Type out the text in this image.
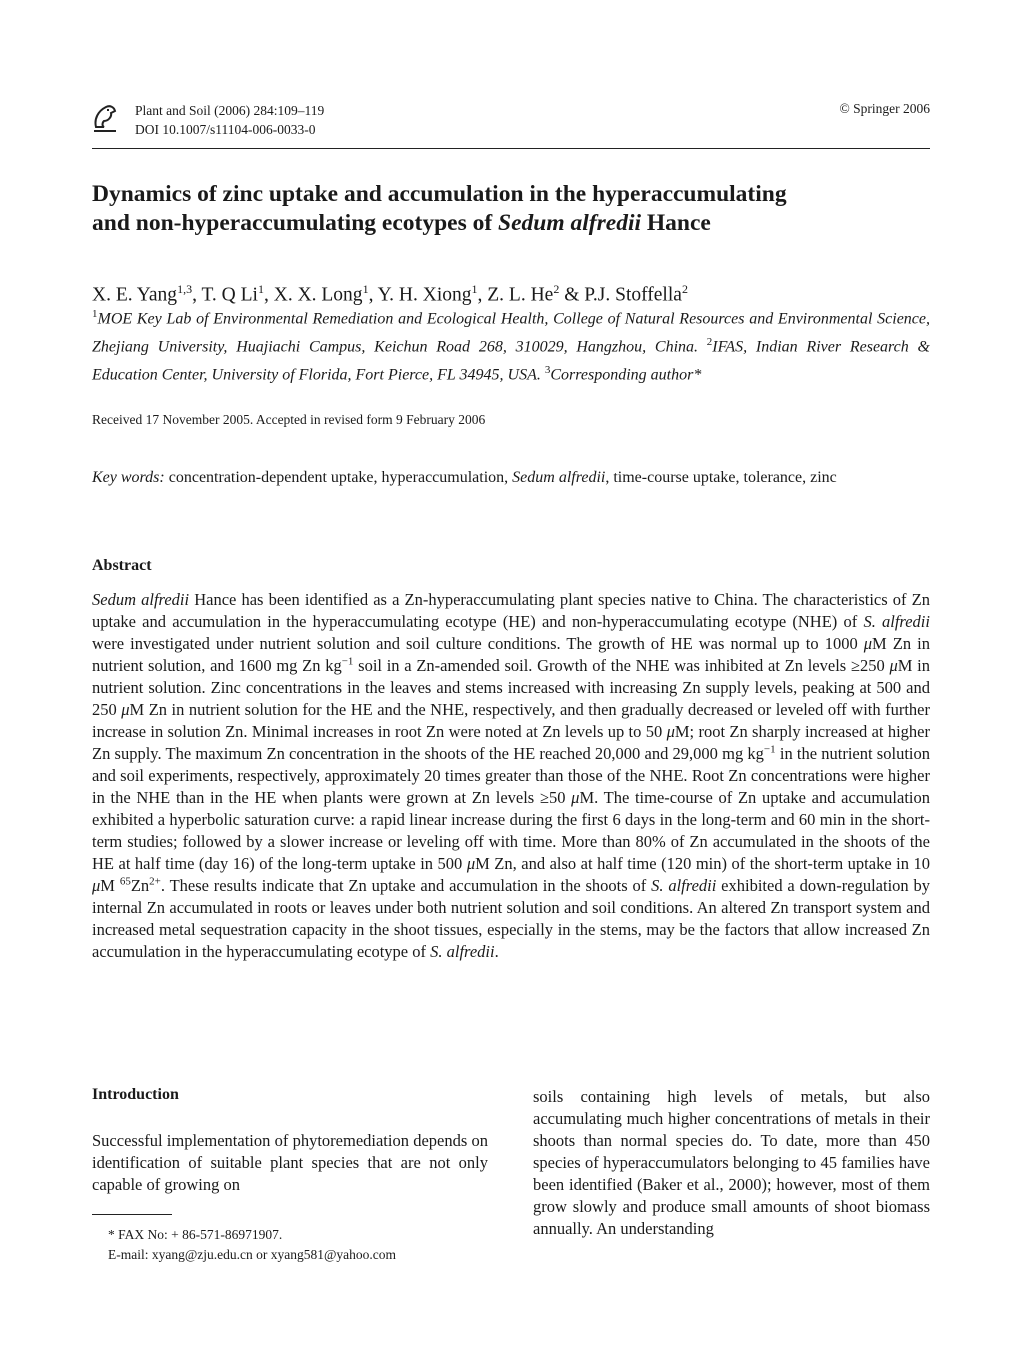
Plant and Soil (2006) 284:109–119
DOI 10.1007/s11104-006-0033-0
© Springer 2006
Dynamics of zinc uptake and accumulation in the hyperaccumulating
and non-hyperaccumulating ecotypes of Sedum alfredii Hance
X. E. Yang$^{1,3}$, T. Q Li$^1$, X. X. Long$^1$, Y. H. Xiong$^1$, Z. L. He$^2$ & P.J. Stoffella$^2$
$^1$MOE Key Lab of Environmental Remediation and Ecological Health, College of Natural Resources and Environmental Science, Zhejiang University, Huajiachi Campus, Keichun Road 268, 310029, Hangzhou, China. $^2$IFAS, Indian River Research & Education Center, University of Florida, Fort Pierce, FL 34945, USA. $^3$Corresponding author*
Received 17 November 2005. Accepted in revised form 9 February 2006
Key words: concentration-dependent uptake, hyperaccumulation, Sedum alfredii, time-course uptake, tolerance, zinc
Abstract
Sedum alfredii Hance has been identified as a Zn-hyperaccumulating plant species native to China. The characteristics of Zn uptake and accumulation in the hyperaccumulating ecotype (HE) and non-hyperaccumulating ecotype (NHE) of S. alfredii were investigated under nutrient solution and soil culture conditions. The growth of HE was normal up to 1000 μM Zn in nutrient solution, and 1600 mg Zn $kg^{-1}$ soil in a Zn-amended soil. Growth of the NHE was inhibited at Zn levels ≥250 μM in nutrient solution. Zinc concentrations in the leaves and stems increased with increasing Zn supply levels, peaking at 500 and 250 μM Zn in nutrient solution for the HE and the NHE, respectively, and then gradually decreased or leveled off with further increase in solution Zn. Minimal increases in root Zn were noted at Zn levels up to 50 μM; root Zn sharply increased at higher Zn supply. The maximum Zn concentration in the shoots of the HE reached 20,000 and 29,000 mg $kg^{-1}$ in the nutrient solution and soil experiments, respectively, approximately 20 times greater than those of the NHE. Root Zn concentrations were higher in the NHE than in the HE when plants were grown at Zn levels ≥50 μM. The time-course of Zn uptake and accumulation exhibited a hyperbolic saturation curve: a rapid linear increase during the first 6 days in the long-term and 60 min in the short-term studies; followed by a slower increase or leveling off with time. More than 80% of Zn accumulated in the shoots of the HE at half time (day 16) of the long-term uptake in 500 μM Zn, and also at half time (120 min) of the short-term uptake in 10 μM $^{65}Zn^{2+}$. These results indicate that Zn uptake and accumulation in the shoots of S. alfredii exhibited a down-regulation by internal Zn accumulated in roots or leaves under both nutrient solution and soil conditions. An altered Zn transport system and increased metal sequestration capacity in the shoot tissues, especially in the stems, may be the factors that allow increased Zn accumulation in the hyperaccumulating ecotype of S. alfredii.
Introduction
Successful implementation of phytoremediation depends on identification of suitable plant species that are not only capable of growing on
* FAX No: + 86-571-86971907.
E-mail: xyang@zju.edu.cn or xyang581@yahoo.com
soils containing high levels of metals, but also accumulating much higher concentrations of metals in their shoots than normal species do. To date, more than 450 species of hyperaccumulators belonging to 45 families have been identified (Baker et al., 2000); however, most of them grow slowly and produce small amounts of shoot biomass annually. An understanding
